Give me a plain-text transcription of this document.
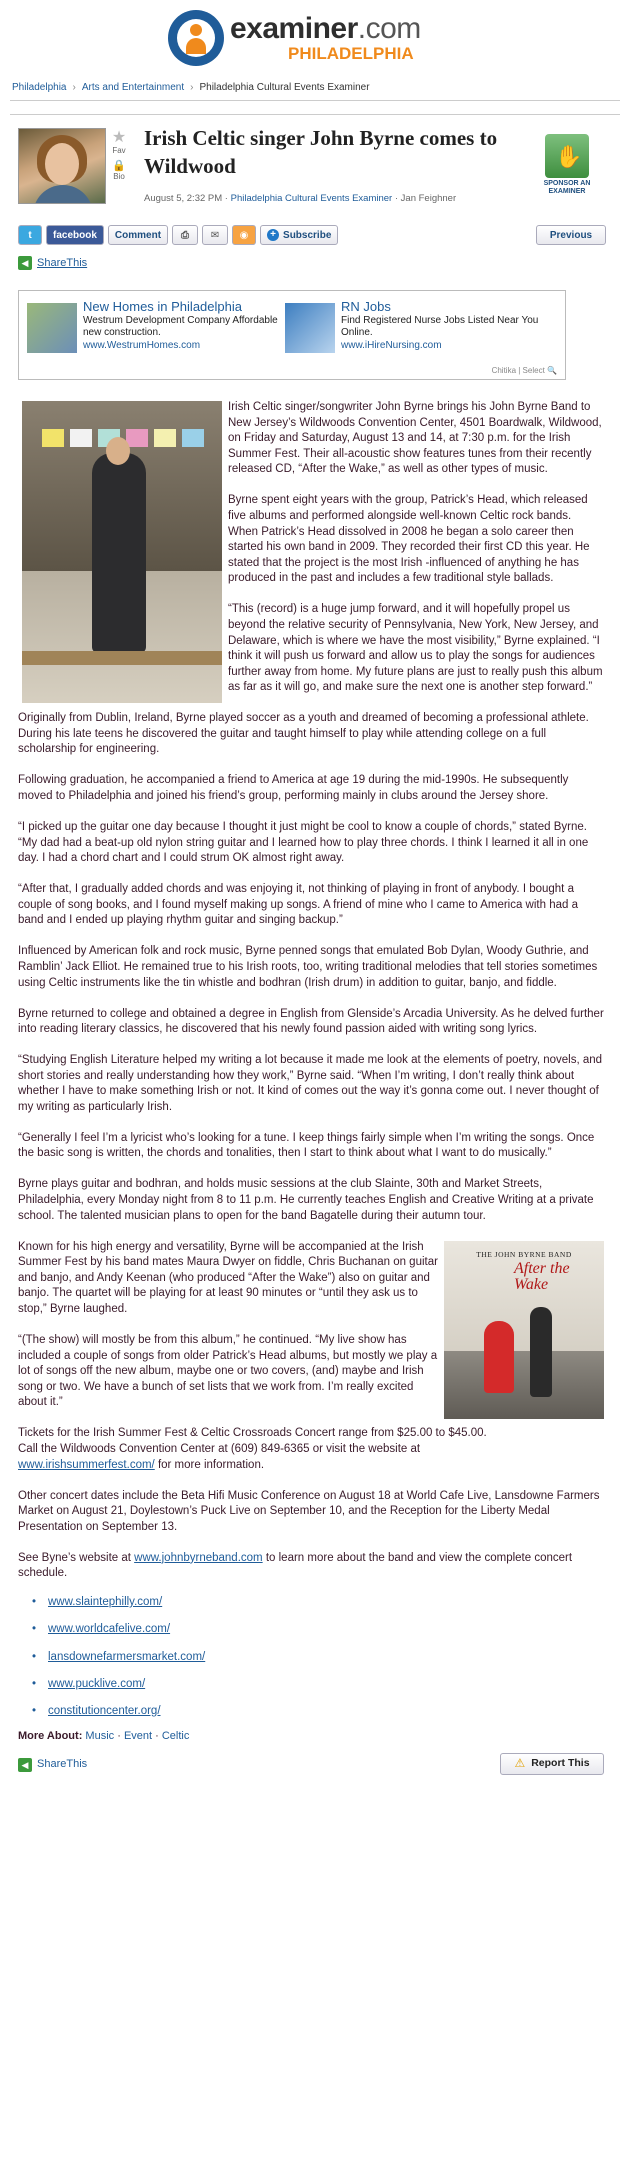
examiner.com
PHILADELPHIA
Philadelphia › Arts and Entertainment › Philadelphia Cultural Events Examiner
★
Fav
🔒
Bio
Irish Celtic singer John Byrne comes to Wildwood
August 5, 2:32 PM · Philadelphia Cultural Events Examiner · Jan Feighner
✋
SPONSOR AN EXAMINER
t	facebook	Comment	⎙	✉	◉	+ Subscribe	Previous
◀ ShareThis
New Homes in Philadelphia
Westrum Development Company Affordable new construction.
www.WestrumHomes.com
RN Jobs
Find Registered Nurse Jobs Listed Near You Online.
www.iHireNursing.com
Chitika | Select 🔍

Irish Celtic singer/songwriter John Byrne brings his John Byrne Band to New Jersey’s Wildwoods Convention Center, 4501 Boardwalk, Wildwood, on Friday and Saturday, August 13 and 14, at 7:30 p.m. for the Irish Summer Fest. Their all-acoustic show features tunes from their recently released CD, “After the Wake,” as well as other types of music.

Byrne spent eight years with the group, Patrick’s Head, which released five albums and performed alongside well-known Celtic rock bands. When Patrick’s Head dissolved in 2008 he began a solo career then started his own band in 2009. They recorded their first CD this year. He stated that the project is the most Irish -influenced of anything he has produced in the past and includes a few traditional style ballads.

“This (record) is a huge jump forward, and it will hopefully propel us beyond the relative security of Pennsylvania, New York, New Jersey, and Delaware, which is where we have the most visibility,” Byrne explained. “I think it will push us forward and allow us to play the songs for audiences further away from home. My future plans are just to really push this album as far as it will go, and make sure the next one is another step forward.”

Originally from Dublin, Ireland, Byrne played soccer as a youth and dreamed of becoming a professional athlete. During his late teens he discovered the guitar and taught himself to play while attending college on a full scholarship for engineering.

Following graduation, he accompanied a friend to America at age 19 during the mid-1990s. He subsequently moved to Philadelphia and joined his friend’s group, performing mainly in clubs around the Jersey shore.

“I picked up the guitar one day because I thought it just might be cool to know a couple of chords,” stated Byrne. “My dad had a beat-up old nylon string guitar and I learned how to play three chords. I think I learned it all in one day. I had a chord chart and I could strum OK almost right away.

“After that, I gradually added chords and was enjoying it, not thinking of playing in front of anybody. I bought a couple of song books, and I found myself making up songs. A friend of mine who I came to America with had a band and I ended up playing rhythm guitar and singing backup.”

Influenced by American folk and rock music, Byrne penned songs that emulated Bob Dylan, Woody Guthrie, and Ramblin’ Jack Elliot. He remained true to his Irish roots, too, writing traditional melodies that tell stories sometimes using Celtic instruments like the tin whistle and bodhran (Irish drum) in addition to guitar, banjo, and fiddle.

Byrne returned to college and obtained a degree in English from Glenside’s Arcadia University. As he delved further into reading literary classics, he discovered that his newly found passion aided with writing song lyrics.

“Studying English Literature helped my writing a lot because it made me look at the elements of poetry, novels, and short stories and really understanding how they work,” Byrne said. “When I’m writing, I don’t really think about whether I have to make something Irish or not. It kind of comes out the way it’s gonna come out. I never thought of my writing as particularly Irish.

“Generally I feel I’m a lyricist who’s looking for a tune. I keep things fairly simple when I’m writing the songs. Once the basic song is written, the chords and tonalities, then I start to think about what I want to do musically.”

Byrne plays guitar and bodhran, and holds music sessions at the club Slainte, 30th and Market Streets, Philadelphia, every Monday night from 8 to 11 p.m. He currently teaches English and Creative Writing at a private school. The talented musician plans to open for the band Bagatelle during their autumn tour.

THE JOHN BYRNE BAND
After the Wake

Known for his high energy and versatility, Byrne will be accompanied at the Irish Summer Fest by his band mates Maura Dwyer on fiddle, Chris Buchanan on guitar and banjo, and Andy Keenan (who produced “After the Wake”) also on guitar and banjo. The quartet will be playing for at least 90 minutes or “until they ask us to stop,” Byrne laughed.

“(The show) will mostly be from this album,” he continued. “My live show has included a couple of songs from older Patrick’s Head albums, but mostly we play a lot of songs off the new album, maybe one or two covers, (and) maybe and Irish song or two. We have a bunch of set lists that we work from. I’m really excited about it.”

Tickets for the Irish Summer Fest & Celtic Crossroads Concert range from $25.00 to $45.00.
Call the Wildwoods Convention Center at (609) 849-6365 or visit the website at
www.irishsummerfest.com/ for more information.

Other concert dates include the Beta Hifi Music Conference on August 18 at World Cafe Live, Lansdowne Farmers Market on August 21, Doylestown’s Puck Live on September 10, and the Reception for the Liberty Medal Presentation on September 13.

See Byne’s website at www.johnbyrneband.com to learn more about the band and view the complete concert schedule.

• www.slaintephilly.com/
• www.worldcafelive.com/
• lansdownefarmersmarket.com/
• www.pucklive.com/
• constitutioncenter.org/
More About: Music · Event · Celtic
◀ ShareThis	⚠ Report This
